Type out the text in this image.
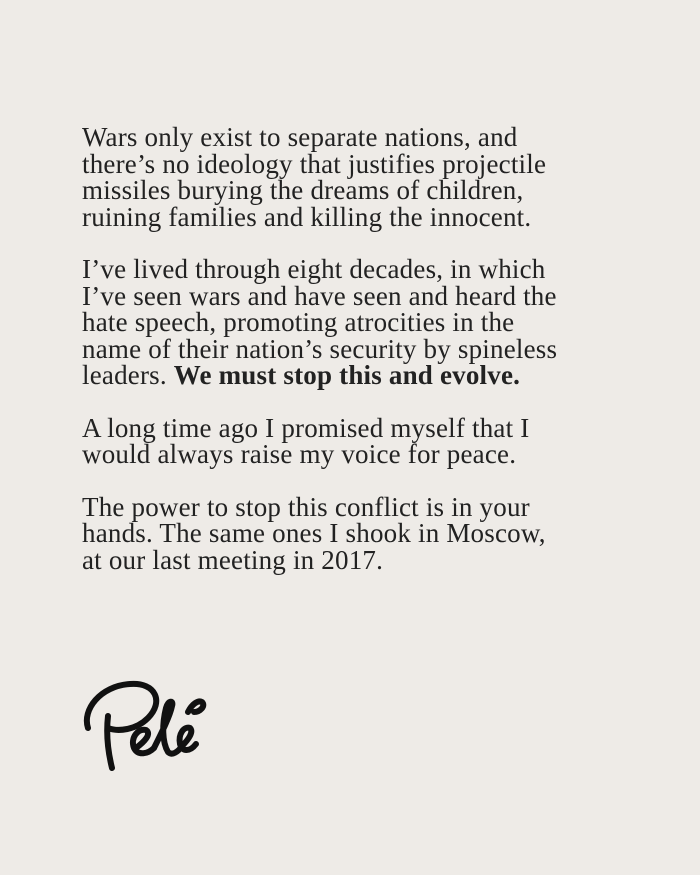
Wars only exist to separate nations, and
there’s no ideology that justifies projectile
missiles burying the dreams of children,
ruining families and killing the innocent.

I’ve lived through eight decades, in which
I’ve seen wars and have seen and heard the
hate speech, promoting atrocities in the
name of their nation’s security by spineless
leaders. We must stop this and evolve.

A long time ago I promised myself that I
would always raise my voice for peace.

The power to stop this conflict is in your
hands. The same ones I shook in Moscow,
at our last meeting in 2017.
